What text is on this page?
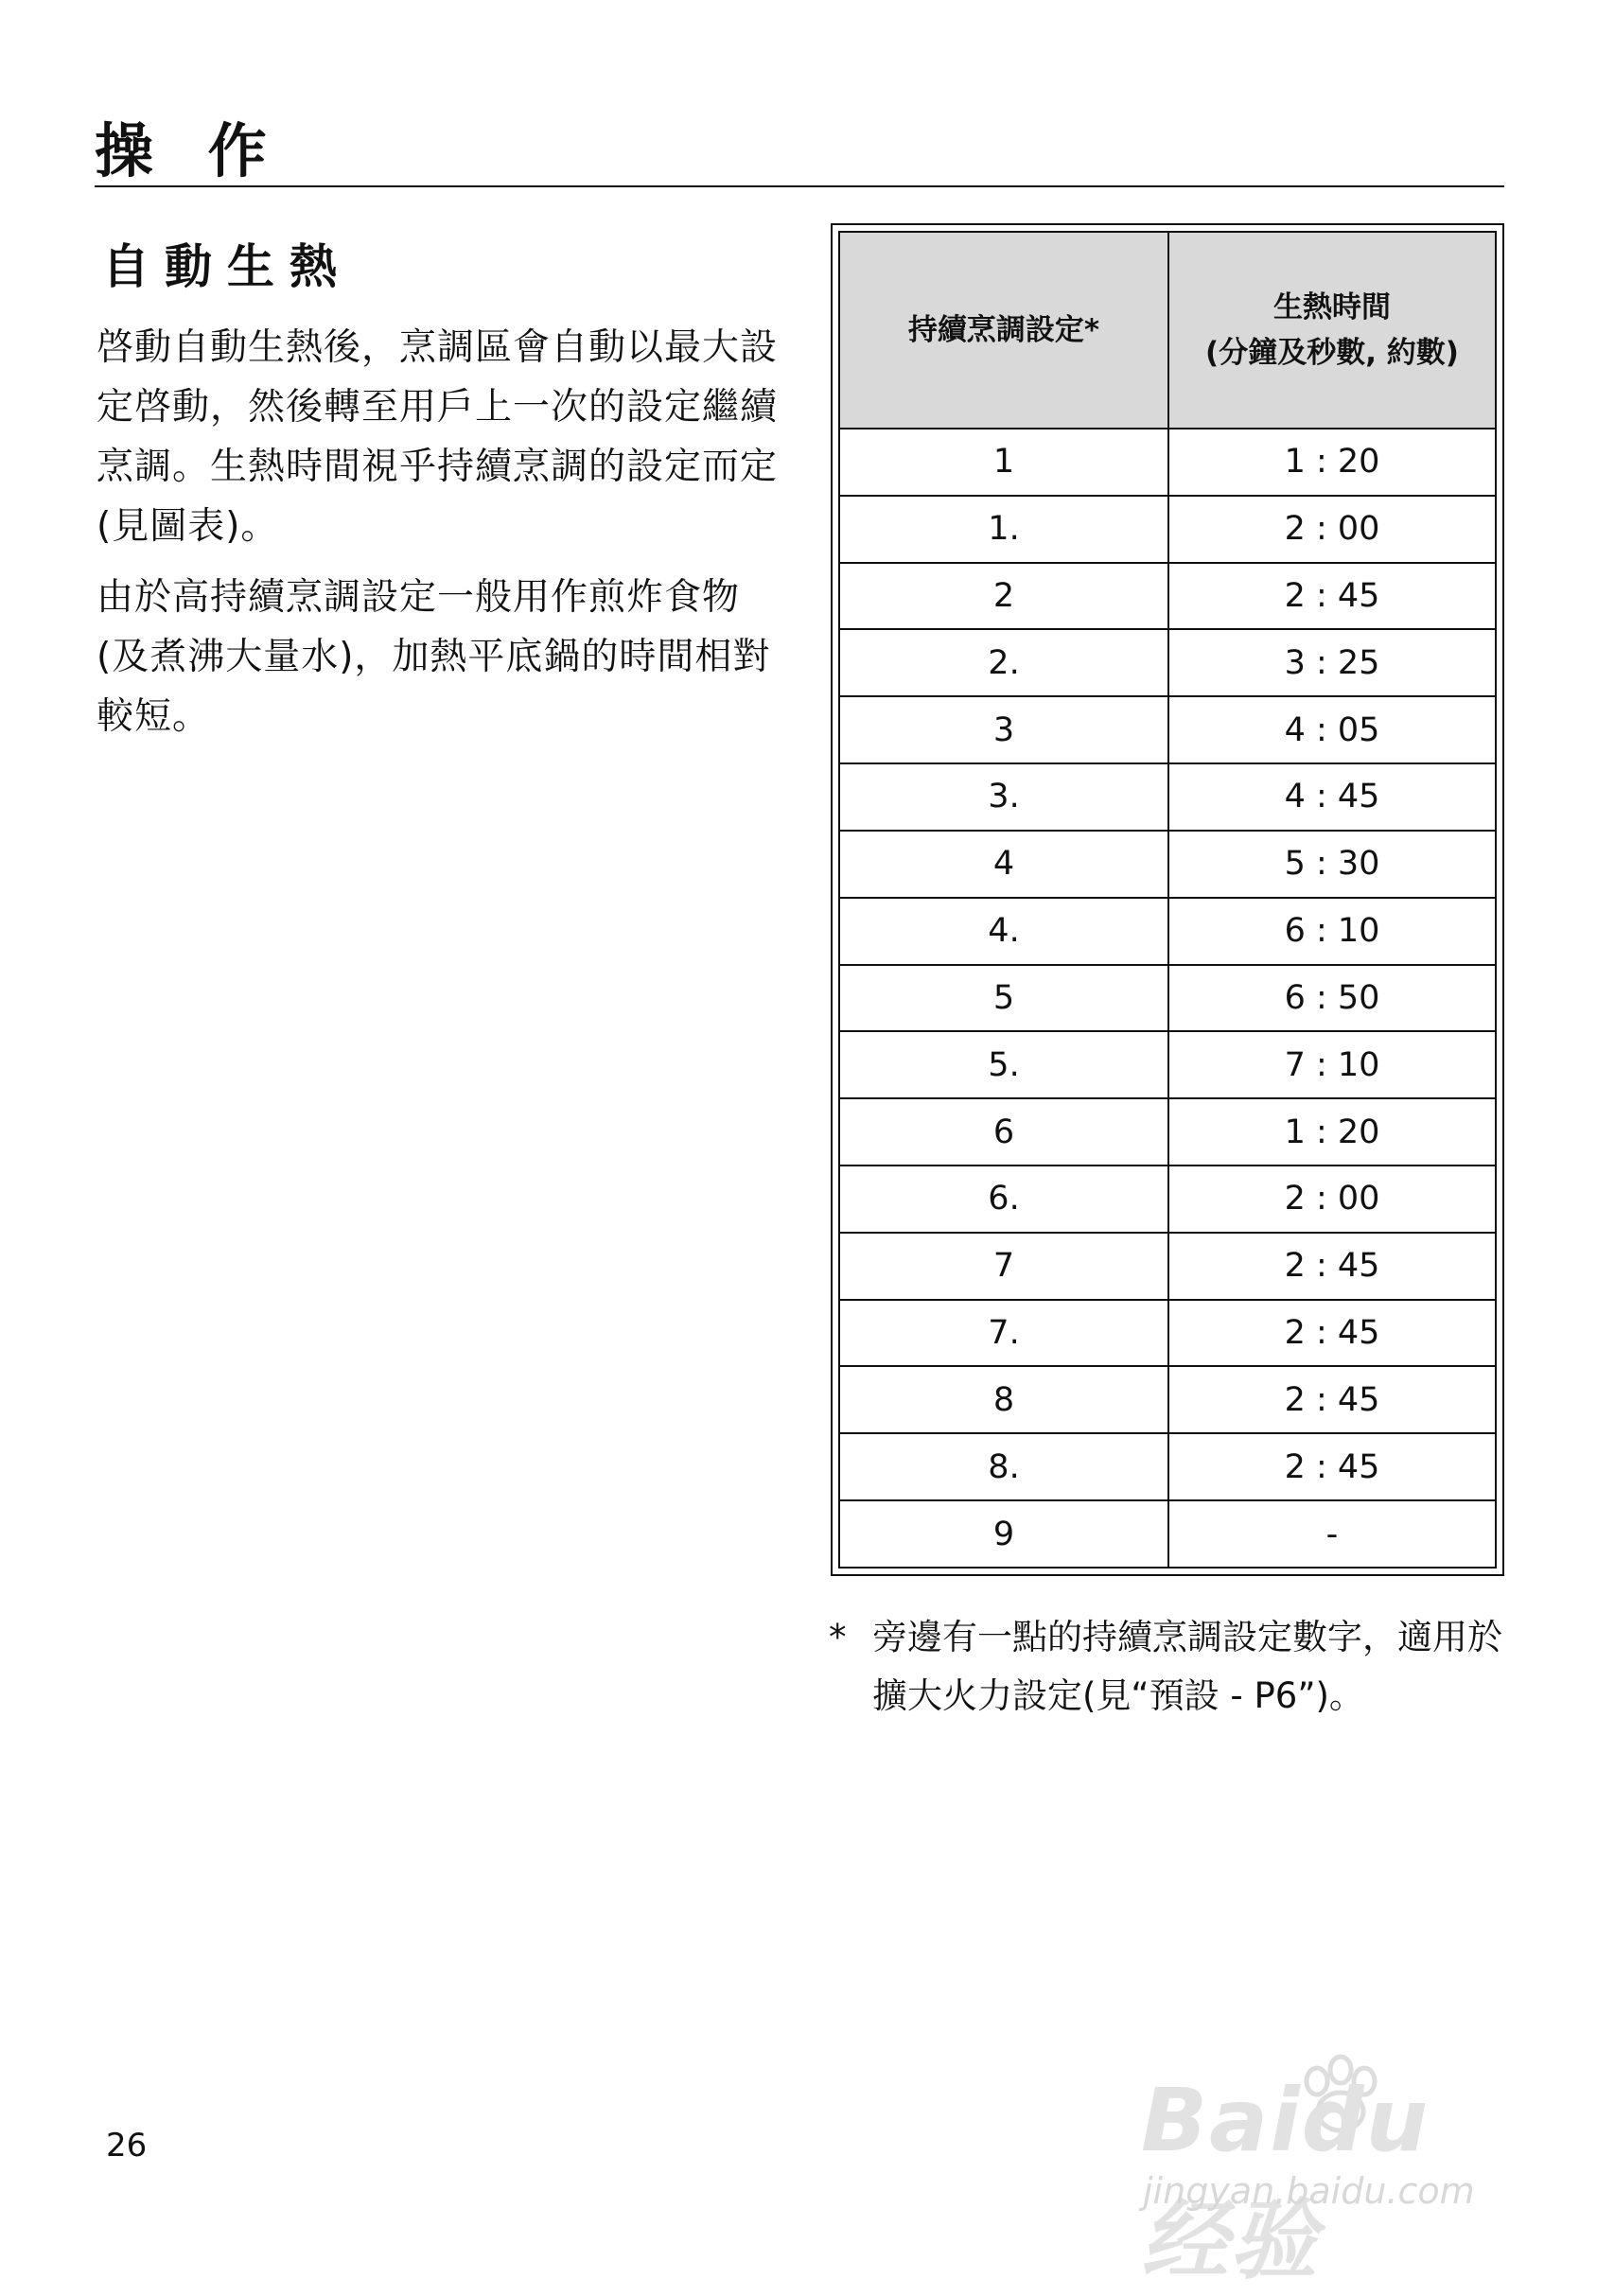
操 作
自動生熱
啓動自動生熱後，烹調區會自動以最大設定啓動，然後轉至用戶上一次的設定繼續烹調。生熱時間視乎持續烹調的設定而定(見圖表)。
由於高持續烹調設定一般用作煎炸食物(及煮沸大量水)，加熱平底鍋的時間相對較短。
持續烹調設定*	生熱時間
(分鐘及秒數, 約數)

1	1 : 20
1.	2 : 00
2	2 : 45
2.	3 : 25
3	4 : 05
3.	4 : 45
4	5 : 30
4.	6 : 10
5	6 : 50
5.	7 : 10
6	1 : 20
6.	2 : 00
7	2 : 45
7.	2 : 45
8	2 : 45
8.	2 : 45
9	-
* 旁邊有一點的持續烹調設定數字，適用於擴大火力設定(見“預設 - P6”)。
26	Baidu 经验
jingyan.baidu.com
